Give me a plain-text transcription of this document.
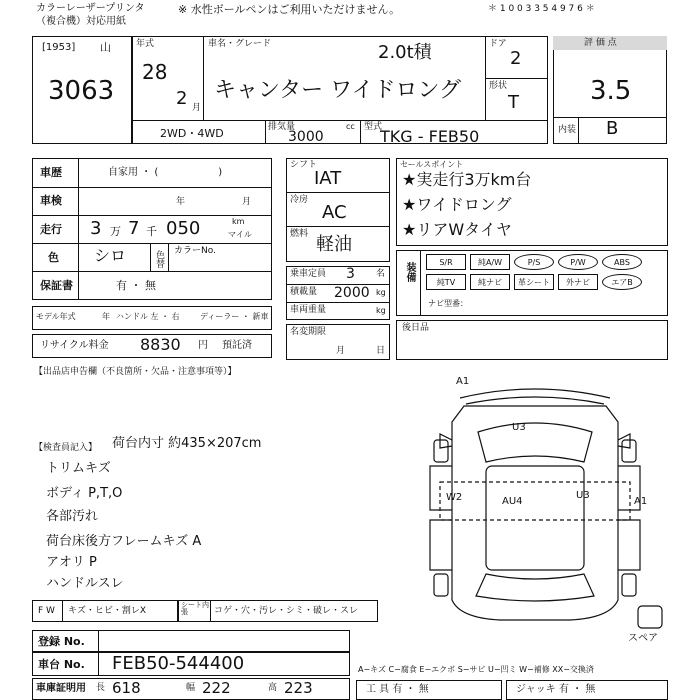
カラーレーザープリンタ
（複合機）対応用紙
※ 水性ボールペンはご利用いただけません。	＊ 1 0 0 3 3 5 4 9 7 6 ＊
[1953] 山
3063
年式
28
2 月
車名・グレード	2.0t積
キャンター ワイドロング
ドア
2
形状
T
2WD・4WD	排気量	cc
3000
型式
TKG - FEB50
評 価 点
3.5
内装 B
車歴	自家用 ・ (　　　　　　)
車検	年	月
走行 3 万 7 千 050	km
マイル
色 シロ	色替 カラーNo.
保証書	有 ・ 無
モデル年式	年 ハンドル 左 ・ 右	ディーラー ・ 新車
リサイクル料金 8830 円 預託済
シフト
IAT
冷房
AC
燃料 軽油
乗車定員 3 名
積載量 2000 kg
車両重量	kg
名変期限
月	日
セールスポイント
★実走行3万km台
★ワイドロング
★リアWタイヤ
装備	S/R	純A/W	P/S	P/W	ABS
純TV	純ナビ	革シート	外ナビ	エアB
ナビ型番：
後日品
【出品店申告欄（不良箇所・欠品・注意事項等）】
【検査員記入】 荷台内寸 約435×207cm
トリムキズ
ボディ P,T,O
各部汚れ
荷台床後方フレームキズ A
アオリ P
ハンドルスレ
F W キズ・ヒビ・割レX
シート内張	コゲ・穴・汚レ・シミ・破レ・スレ
A1
U3
W2	AU4
U3
A1
スペア
登録 No.
車台 No. FEB50-544400	A−キズ C−腐食 E−エクボ S−サビ U−凹ミ W−補修 XX−交換済
車庫証明用 長 618	幅 222	高 223	工 具 有 ・ 無	ジャッキ 有 ・ 無
